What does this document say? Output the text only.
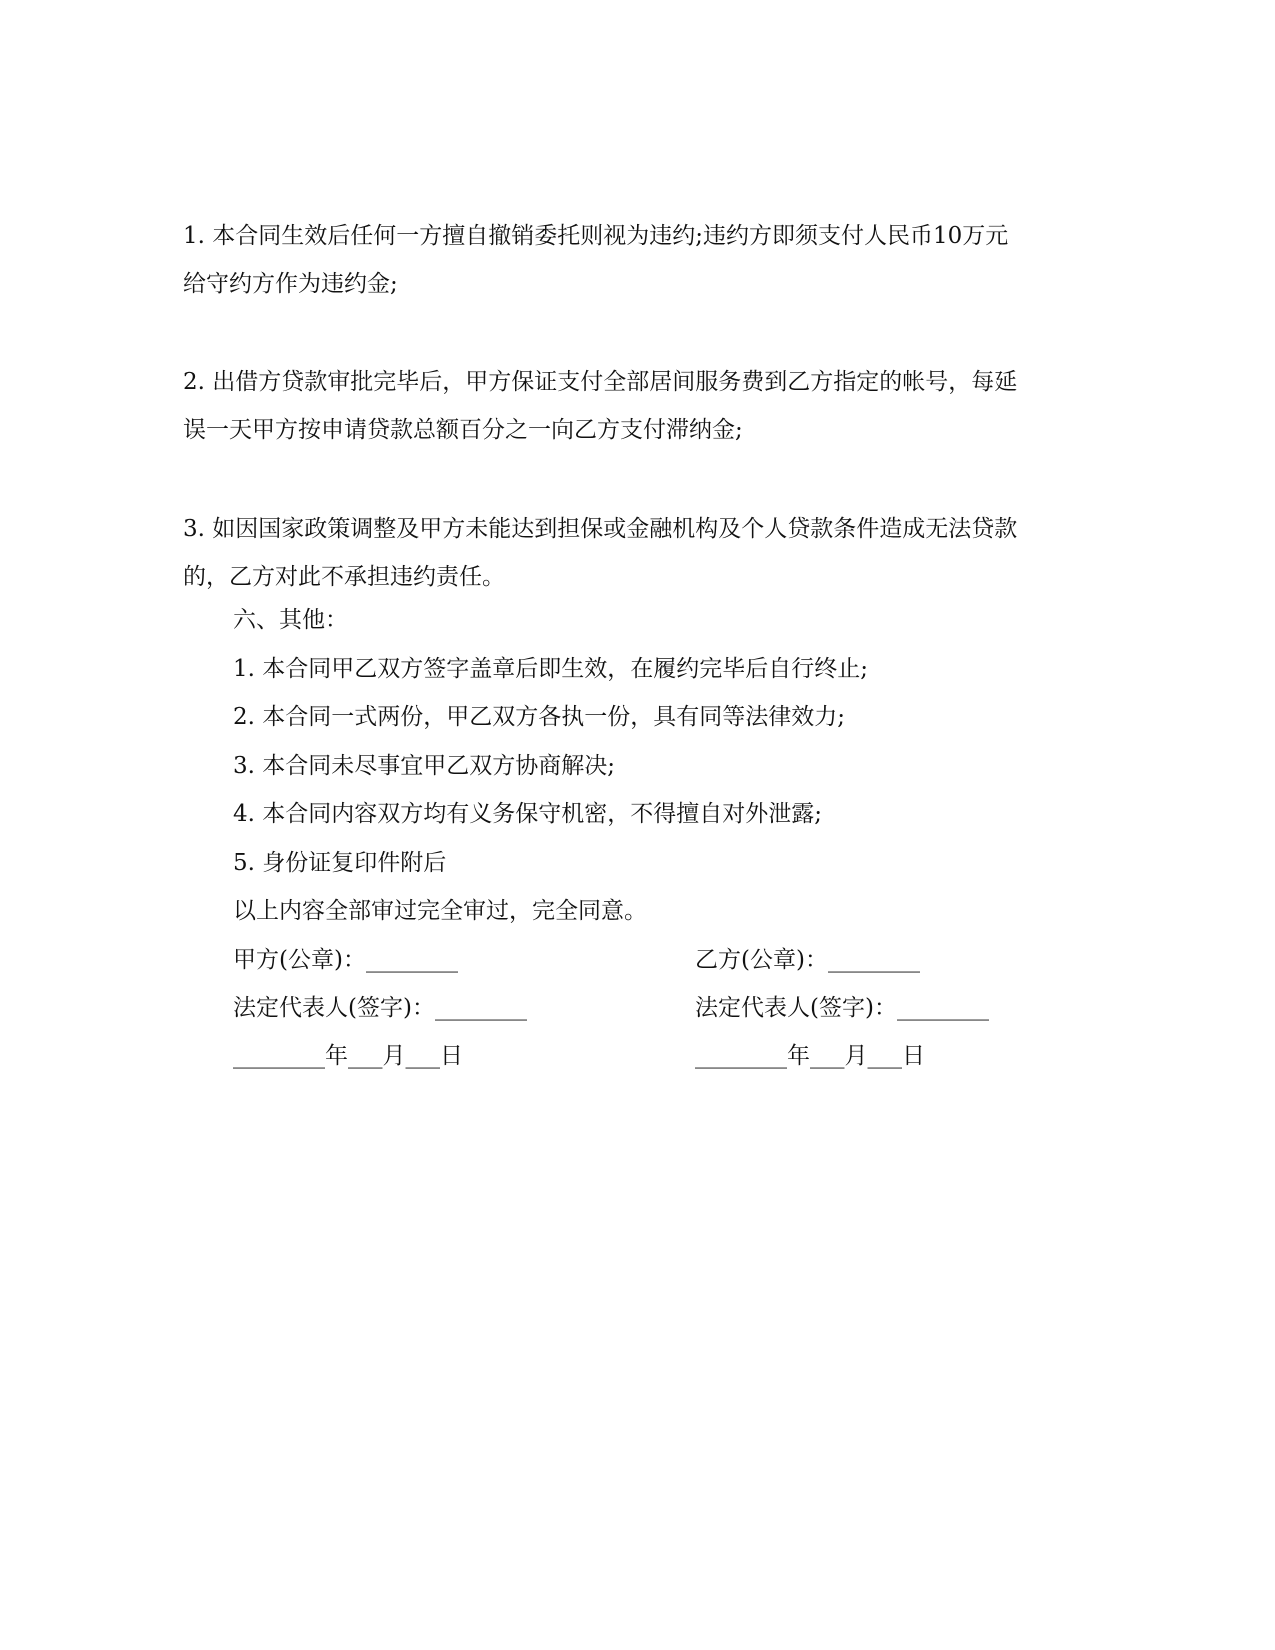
1. 本合同生效后任何一方擅自撤销委托则视为违约;违约方即须支付人民币10万元
给守约方作为违约金;
2. 出借方贷款审批完毕后，甲方保证支付全部居间服务费到乙方指定的帐号，每延
误一天甲方按申请贷款总额百分之一向乙方支付滞纳金;
3. 如因国家政策调整及甲方未能达到担保或金融机构及个人贷款条件造成无法贷款
的，乙方对此不承担违约责任。

六、其他：

1. 本合同甲乙双方签字盖章后即生效，在履约完毕后自行终止;

2. 本合同一式两份，甲乙双方各执一份，具有同等法律效力;

3. 本合同未尽事宜甲乙双方协商解决;

4. 本合同内容双方均有义务保守机密，不得擅自对外泄露;

5. 身份证复印件附后

以上内容全部审过完全审过，完全同意。

甲方(公章)：________	乙方(公章)：________

法定代表人(签字)：________	法定代表人(签字)：________

________年___月___日	________年___月___日
